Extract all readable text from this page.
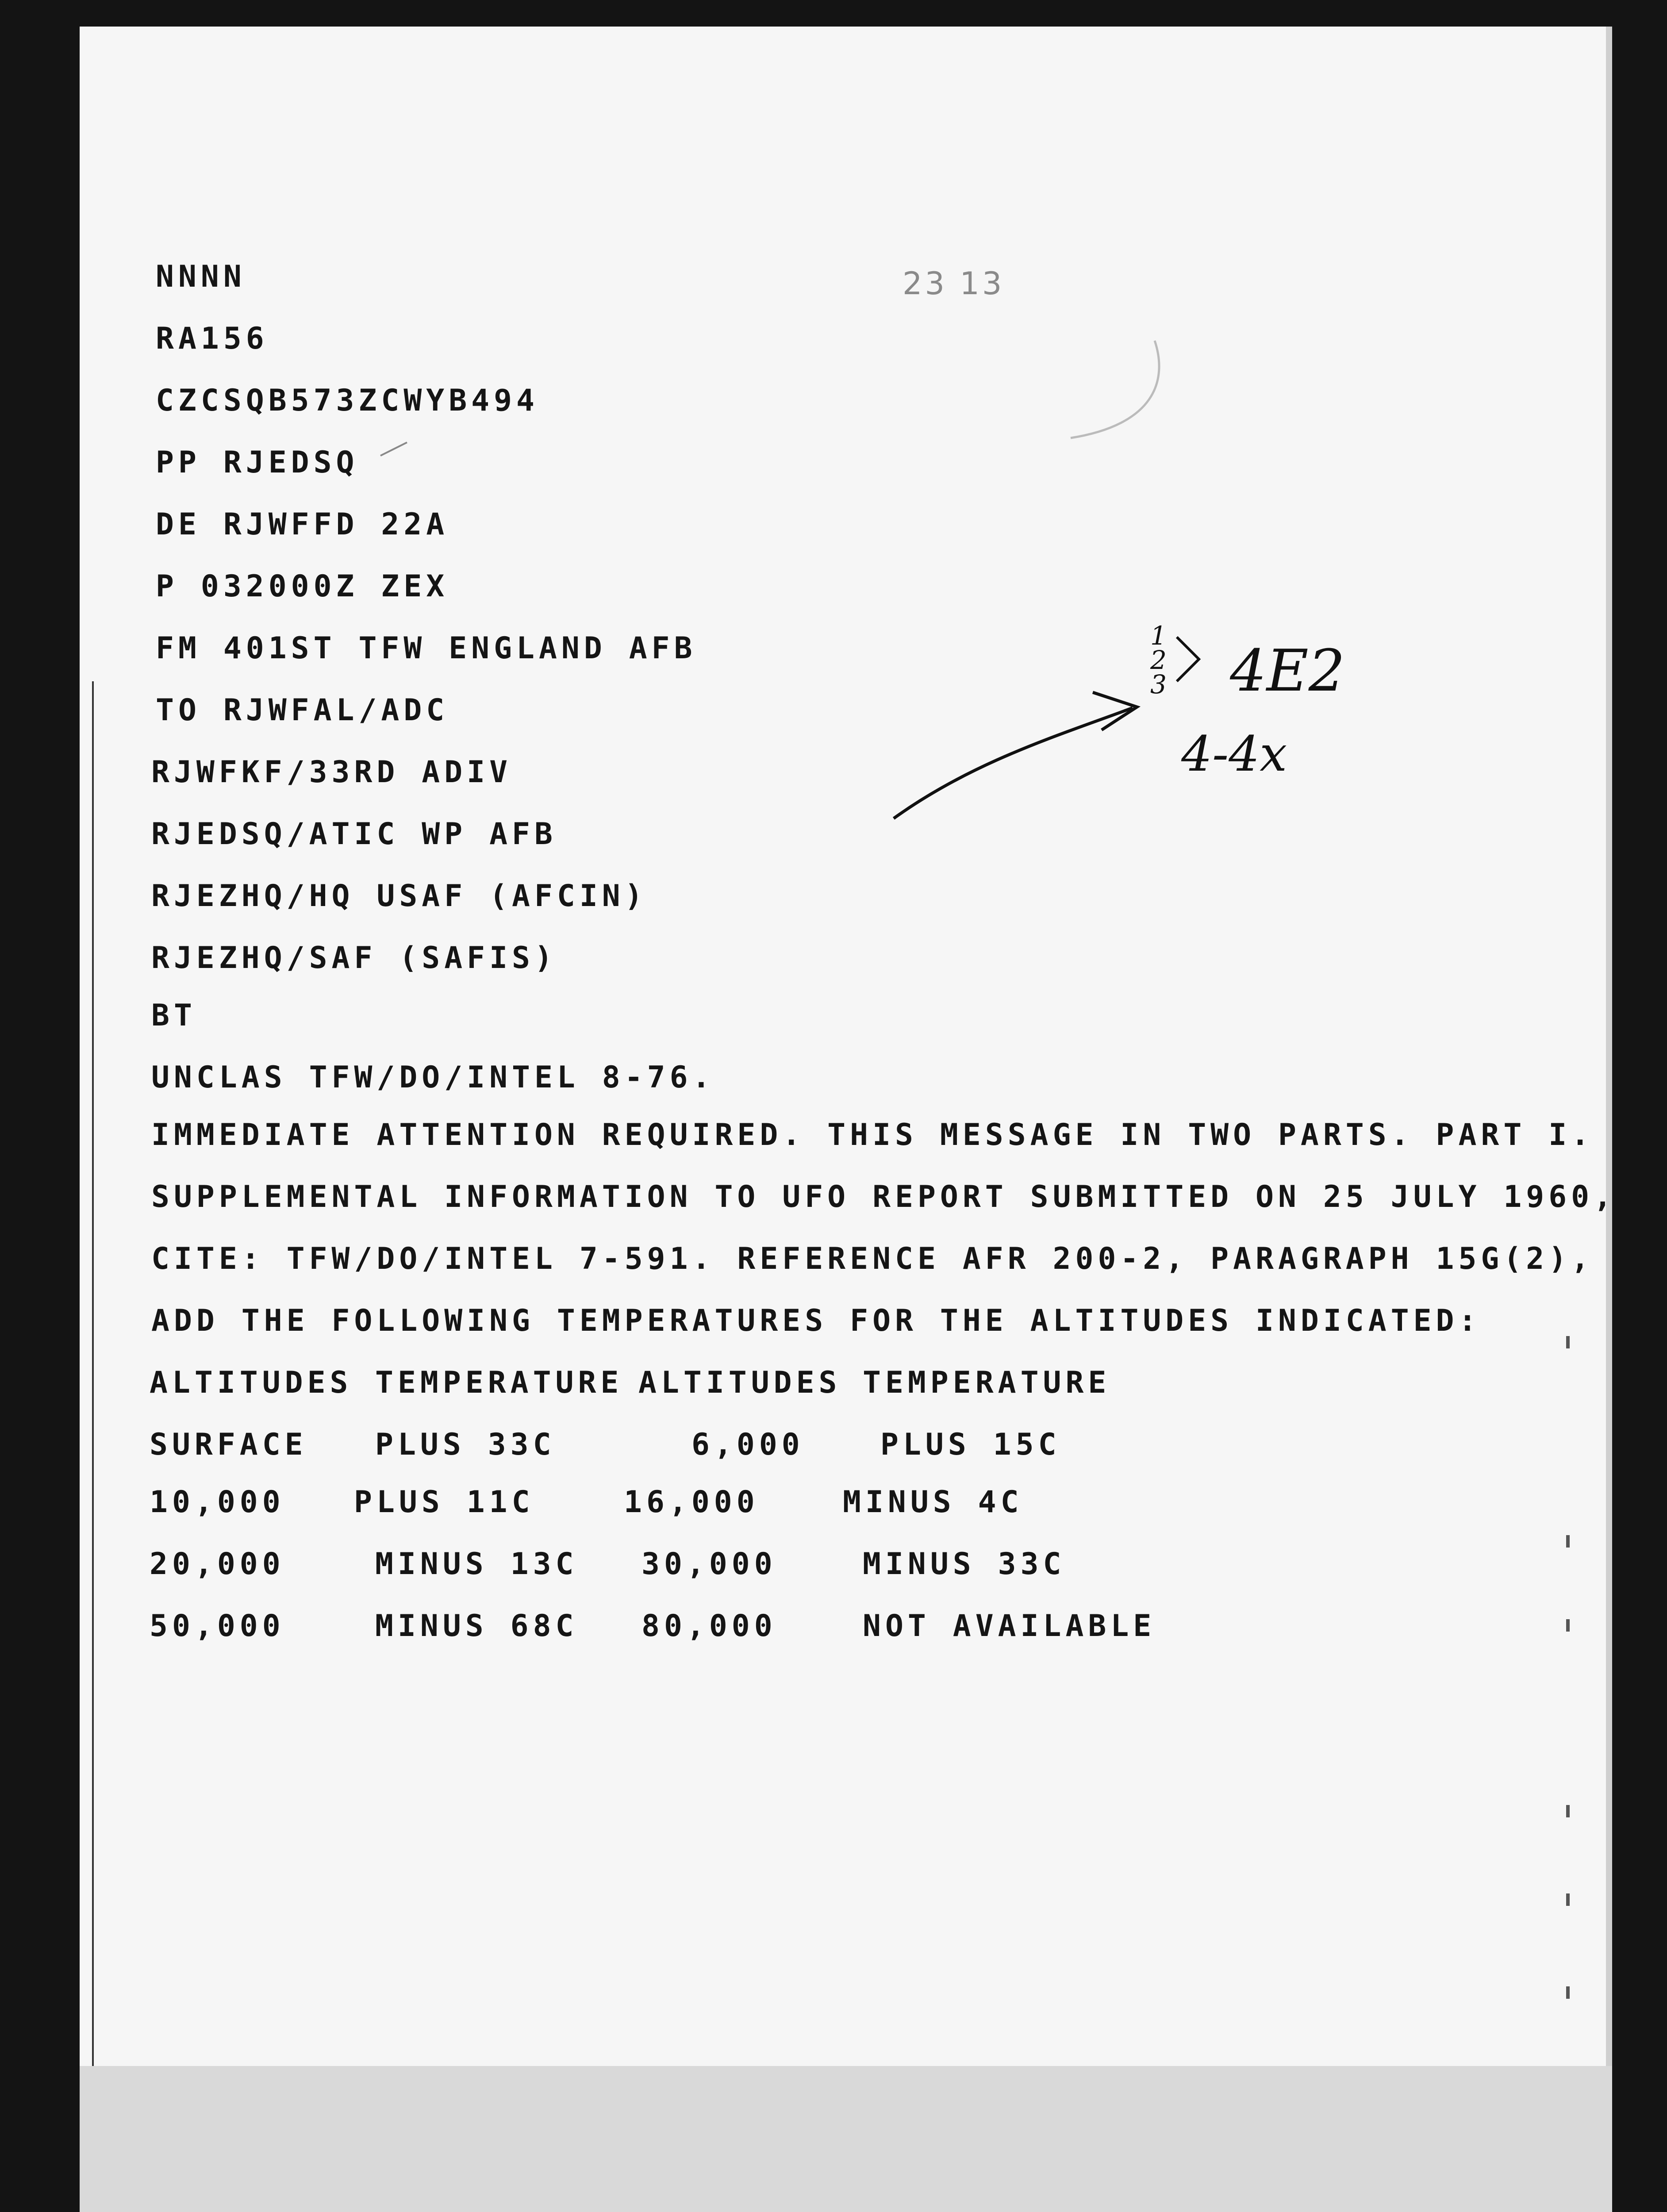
23 13
NNNN
RA156
CZCSQB573ZCWYB494
PP RJEDSQ
DE RJWFFD 22A
P 032000Z ZEX
FM 401ST TFW ENGLAND AFB
TO RJWFAL/ADC
RJWFKF/33RD ADIV
RJEDSQ/ATIC WP AFB
RJEZHQ/HQ USAF (AFCIN)
RJEZHQ/SAF (SAFIS)
BT
UNCLAS TFW/DO/INTEL 8-76.
IMMEDIATE ATTENTION REQUIRED. THIS MESSAGE IN TWO PARTS. PART I.
SUPPLEMENTAL INFORMATION TO UFO REPORT SUBMITTED ON 25 JULY 1960,
CITE: TFW/DO/INTEL 7-591. REFERENCE AFR 200-2, PARAGRAPH 15G(2),
ADD THE FOLLOWING TEMPERATURES FOR THE ALTITUDES INDICATED:
ALTITUDES TEMPERATURE ALTITUDES TEMPERATURE
SURFACE PLUS 33C	6,000	PLUS 15C
10,000 PLUS 11C	16,000	MINUS 4C
20,000	MINUS 13C 30,000	MINUS 33C
50,000	MINUS 68C 80,000	NOT AVAILABLE
1 2 3 4E2
4-4x
